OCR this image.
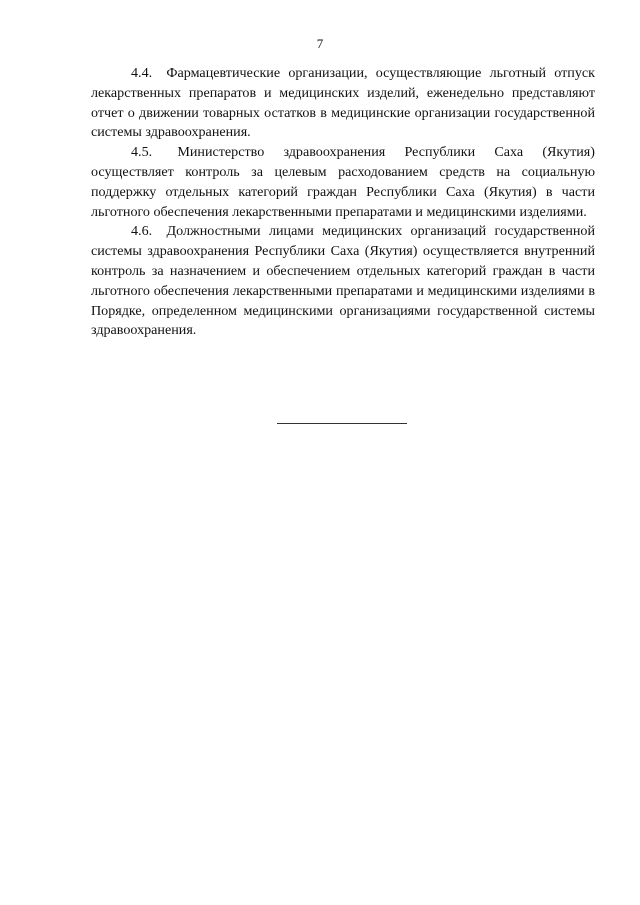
7

4.4. Фармацевтические организации, осуществляющие льготный отпуск лекарственных препаратов и медицинских изделий, еженедельно представляют отчет о движении товарных остатков в медицинские организации государственной системы здравоохранения.

4.5. Министерство здравоохранения Республики Саха (Якутия) осуществляет контроль за целевым расходованием средств на социальную поддержку отдельных категорий граждан Республики Саха (Якутия) в части льготного обеспечения лекарственными препаратами и медицинскими изделиями.

4.6. Должностными лицами медицинских организаций государственной системы здравоохранения Республики Саха (Якутия) осуществляется внутренний контроль за назначением и обеспечением отдельных категорий граждан в части льготного обеспечения лекарственными препаратами и медицинскими изделиями в Порядке, определенном медицинскими организациями государственной системы здравоохранения.
